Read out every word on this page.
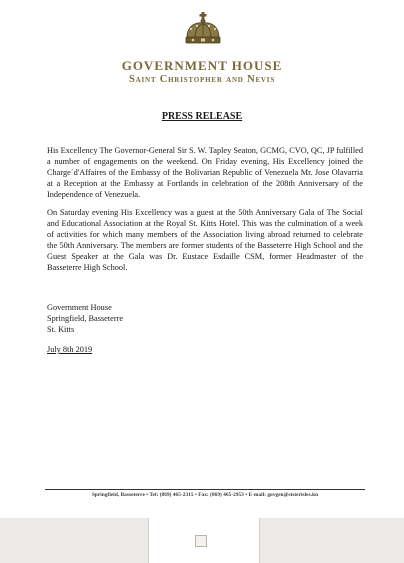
GOVERNMENT HOUSE
Saint Christopher and Nevis
PRESS RELEASE
His Excellency The Governor-General Sir S. W. Tapley Seaton, GCMG, CVO, QC, JP fulfilled a number of engagements on the weekend. On Friday evening, His Excellency joined the Charge´d'Affaires of the Embassy of the Bolivarian Republic of Venezuela Mr. Jose Olavarria at a Reception at the Embassy at Fortlands in celebration of the 208th Anniversary of the Independence of Venezuela.
On Saturday evening His Excellency was a guest at the 50th Anniversary Gala of The Social and Educational Association at the Royal St. Kitts Hotel. This was the culmination of a week of activities for which many members of the Association living abroad returned to celebrate the 50th Anniversary. The members are former students of the Basseterre High School and the Guest Speaker at the Gala was Dr. Eustace Esdaille CSM, former Headmaster of the Basseterre High School.
Government House
Springfield, Basseterre
St. Kitts
July 8th 2019
Springfield, Basseterre • Tel: (869) 465-2315 • Fax: (869) 465-2953 • E-mail: govgen@sisterisles.kn
